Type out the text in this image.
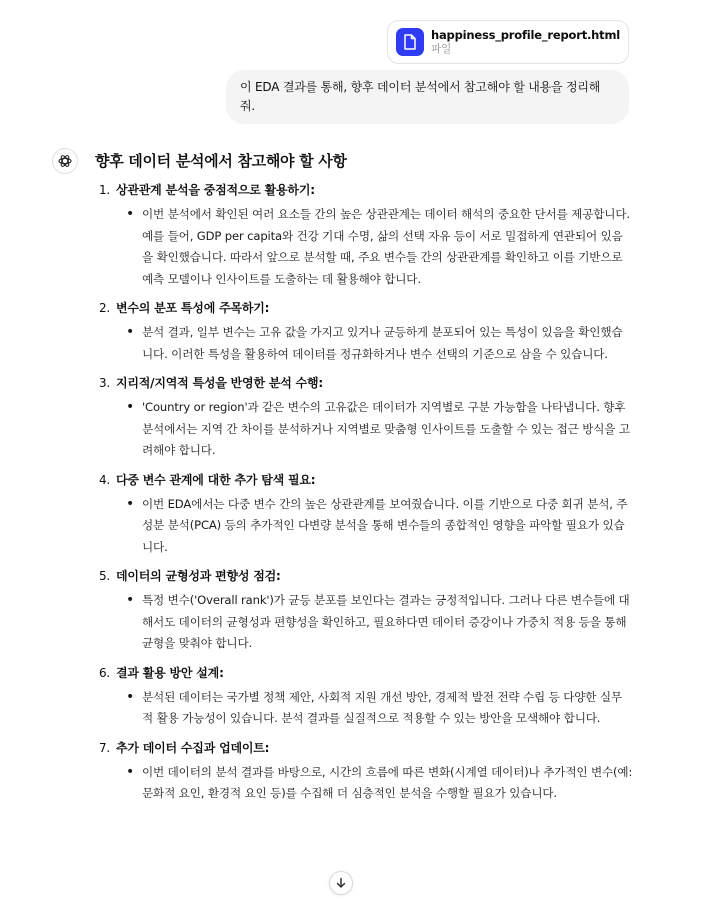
happiness_profile_report.html
파일
이 EDA 결과를 통해, 향후 데이터 분석에서 참고해야 할 내용을 정리해줘.
향후 데이터 분석에서 참고해야 할 사항
1. 상관관계 분석을 중점적으로 활용하기:
• 이번 분석에서 확인된 여러 요소들 간의 높은 상관관계는 데이터 해석의 중요한 단서를 제공합니다. 예를 들어, GDP per capita와 건강 기대 수명, 삶의 선택 자유 등이 서로 밀접하게 연관되어 있음을 확인했습니다. 따라서 앞으로 분석할 때, 주요 변수들 간의 상관관계를 확인하고 이를 기반으로 예측 모델이나 인사이트를 도출하는 데 활용해야 합니다.
2. 변수의 분포 특성에 주목하기:
• 분석 결과, 일부 변수는 고유 값을 가지고 있거나 균등하게 분포되어 있는 특성이 있음을 확인했습니다. 이러한 특성을 활용하여 데이터를 정규화하거나 변수 선택의 기준으로 삼을 수 있습니다.
3. 지리적/지역적 특성을 반영한 분석 수행:
• 'Country or region'과 같은 변수의 고유값은 데이터가 지역별로 구분 가능함을 나타냅니다. 향후 분석에서는 지역 간 차이를 분석하거나 지역별로 맞춤형 인사이트를 도출할 수 있는 접근 방식을 고려해야 합니다.
4. 다중 변수 관계에 대한 추가 탐색 필요:
• 이번 EDA에서는 다중 변수 간의 높은 상관관계를 보여줬습니다. 이를 기반으로 다중 회귀 분석, 주성분 분석(PCA) 등의 추가적인 다변량 분석을 통해 변수들의 종합적인 영향을 파악할 필요가 있습니다.
5. 데이터의 균형성과 편향성 점검:
• 특정 변수('Overall rank')가 균등 분포를 보인다는 결과는 긍정적입니다. 그러나 다른 변수들에 대해서도 데이터의 균형성과 편향성을 확인하고, 필요하다면 데이터 증강이나 가중치 적용 등을 통해 균형을 맞춰야 합니다.
6. 결과 활용 방안 설계:
• 분석된 데이터는 국가별 정책 제안, 사회적 지원 개선 방안, 경제적 발전 전략 수립 등 다양한 실무적 활용 가능성이 있습니다. 분석 결과를 실질적으로 적용할 수 있는 방안을 모색해야 합니다.
7. 추가 데이터 수집과 업데이트:
• 이번 데이터의 분석 결과를 바탕으로, 시간의 흐름에 따른 변화(시계열 데이터)나 추가적인 변수(예: 문화적 요인, 환경적 요인 등)를 수집해 더 심층적인 분석을 수행할 필요가 있습니다.
